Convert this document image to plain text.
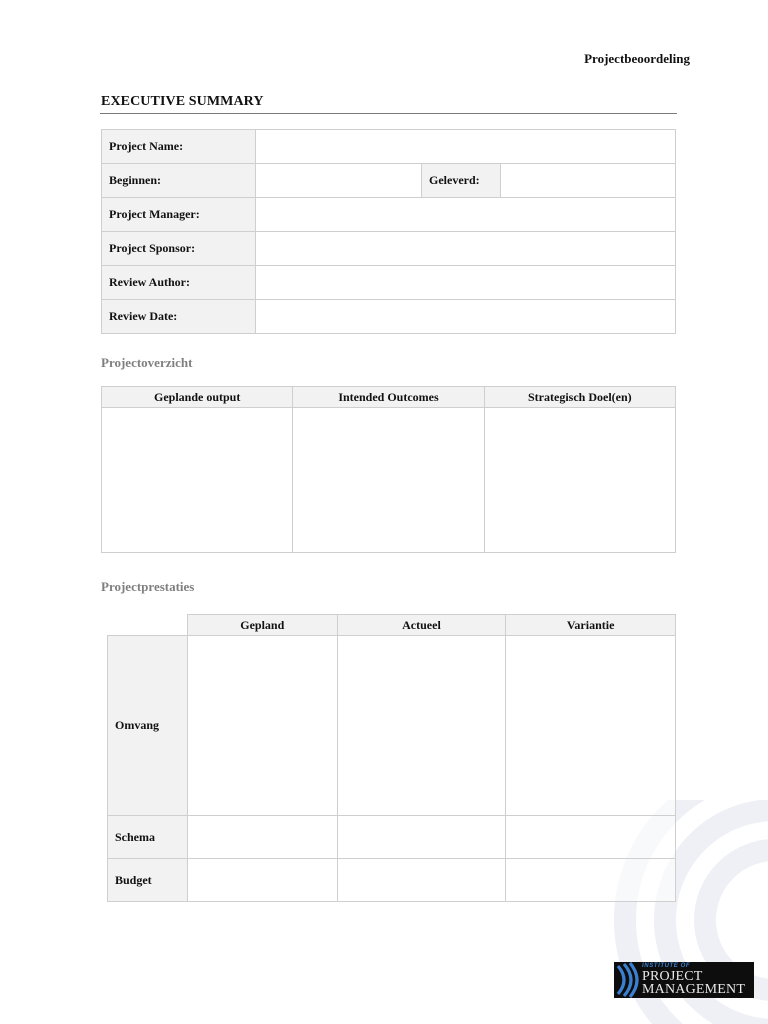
Projectbeoordeling
EXECUTIVE SUMMARY
Project Name:			
Beginnen:		Geleverd:	
Project Manager:			
Project Sponsor:			
Review Author:			
Review Date:			
Projectoverzicht
Geplande output	Intended Outcomes	Strategisch Doel(en)

Projectprestaties
	Gepland	Actueel	Variantie
Omvang			
Schema			
Budget			
INSTITUTE OF
PROJECT
MANAGEMENT
